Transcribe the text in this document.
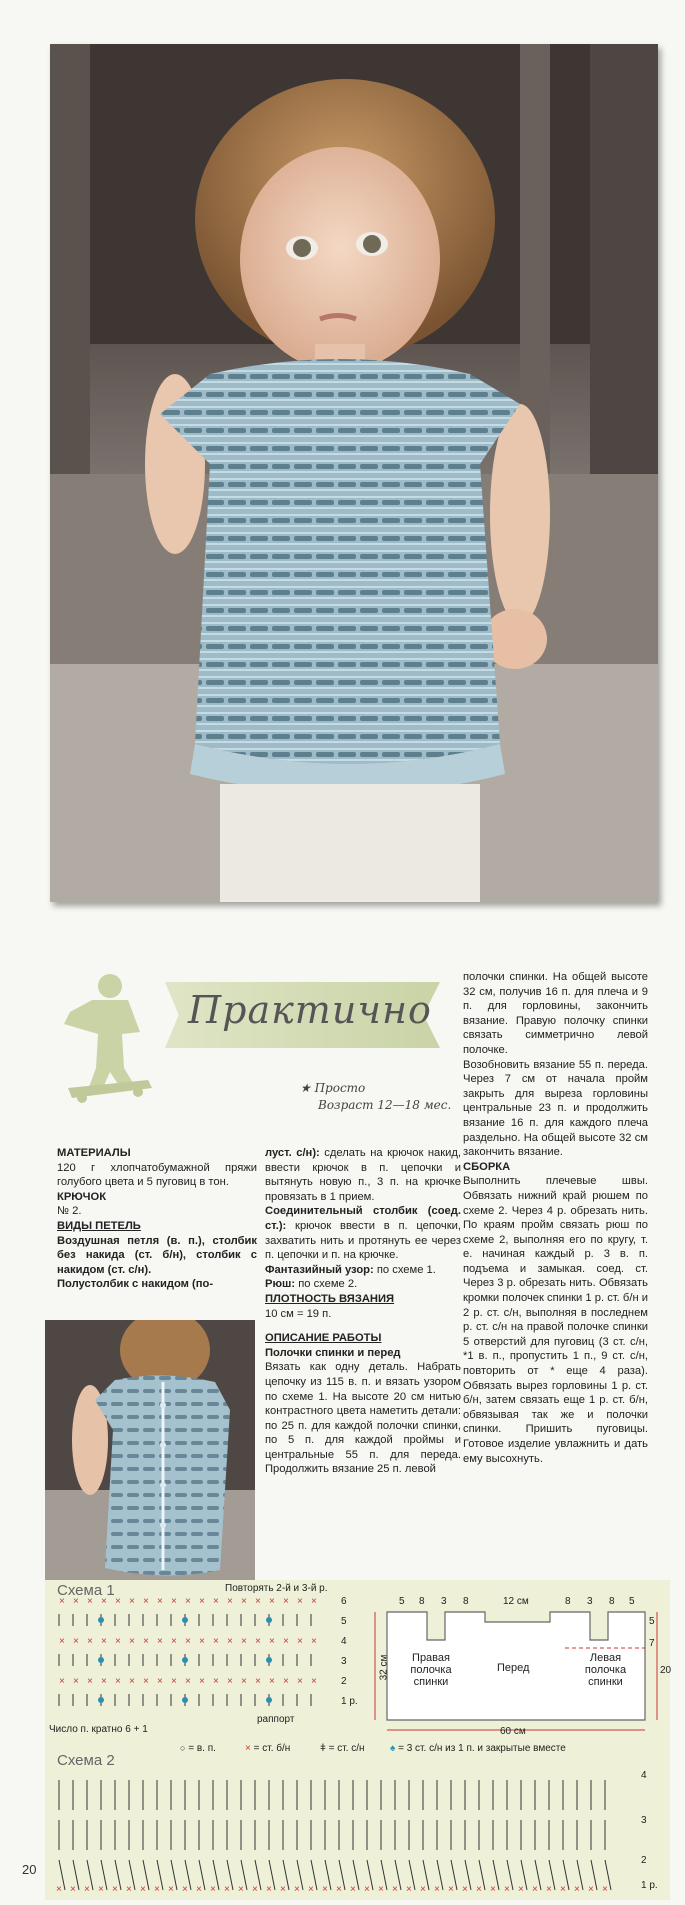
Практично
★ Просто
Возраст 12—18 мес.
МАТЕРИАЛЫ
120 г хлопчатобумажной пряжи голубого цвета и 5 пуговиц в тон.
КРЮЧОК
№ 2.
ВИДЫ ПЕТЕЛЬ
Воздушная петля (в. п.), столбик без накида (ст. б/н), столбик с накидом (ст. с/н).
Полустолбик с накидом (по-
луст. с/н): сделать на крючок накид, ввести крючок в п. цепочки и вытянуть новую п., 3 п. на крючке провязать в 1 прием.
Соединительный столбик (соед. ст.): крючок ввести в п. цепочки, захватить нить и протянуть ее через п. цепочки и п. на крючке.
Фантазийный узор: по схеме 1.
Рюш: по схеме 2.
ПЛОТНОСТЬ ВЯЗАНИЯ
10 см = 19 п.
ОПИСАНИЕ РАБОТЫ
Полочки спинки и перед
Вязать как одну деталь. Набрать цепочку из 115 в. п. и вязать узором по схеме 1. На высоте 20 см нитью контрастного цвета наметить детали: по 25 п. для каждой полочки спинки, по 5 п. для каждой проймы и центральные 55 п. для переда. Продолжить вязание 25 п. левой
полочки спинки. На общей высоте 32 см, получив 16 п. для плеча и 9 п. для горловины, закончить вязание. Правую полочку спинки связать симметрично левой полочке.
Возобновить вязание 55 п. переда. Через 7 см от начала пройм закрыть для выреза горловины центральные 23 п. и продолжить вязание 16 п. для каждого плеча раздельно. На общей высоте 32 см закончить вязание.
СБОРКА
Выполнить плечевые швы. Обвязать нижний край рюшем по схеме 2. Через 4 р. обрезать нить. По краям пройм связать рюш по схеме 2, выполняя его по кругу, т. е. начиная каждый р. 3 в. п. подъема и замыкая. соед. ст. Через 3 р. обрезать нить. Обвязать кромки полочек спинки 1 р. ст. б/н и 2 р. ст. с/н, выполняя в последнем р. ст. с/н на правой полочке спинки 5 отверстий для пуговиц (3 ст. с/н, *1 в. п., пропустить 1 п., 9 ст. с/н, повторить от * еще 4 раза). Обвязать вырез горловины 1 р. ст. б/н, затем связать еще 1 р. ст. б/н, обвязывая так же и полочки спинки. Пришить пуговицы. Готовое изделие увлажнить и дать ему высохнуть.
× × × × × × × × × × × × × × × × × × ×
× × × × × × × × × × × × × × × × × × ×
× × × × × × × × × × × × × × × × × × ×
× × × × × × × × × × × × × × × × × × × × × × × × × × × × × × × × × × × × × × × ×
Схема 1	Повторять 2-й и 3-й р.
раппорт
Число п. кратно 6 + 1
6
5
4
3
2
1 р.
5 8 3 8	12 см	8 3 8 5
32 см	20
7
5
60 см
Правая полочка спинки
Перед
Левая полочка спинки
○ = в. п.	× = ст. б/н	ǂ = ст. с/н	♠ = 3 ст. с/н из 1 п. и закрытые вместе
Схема 2
4
3
2
1 р.
20
